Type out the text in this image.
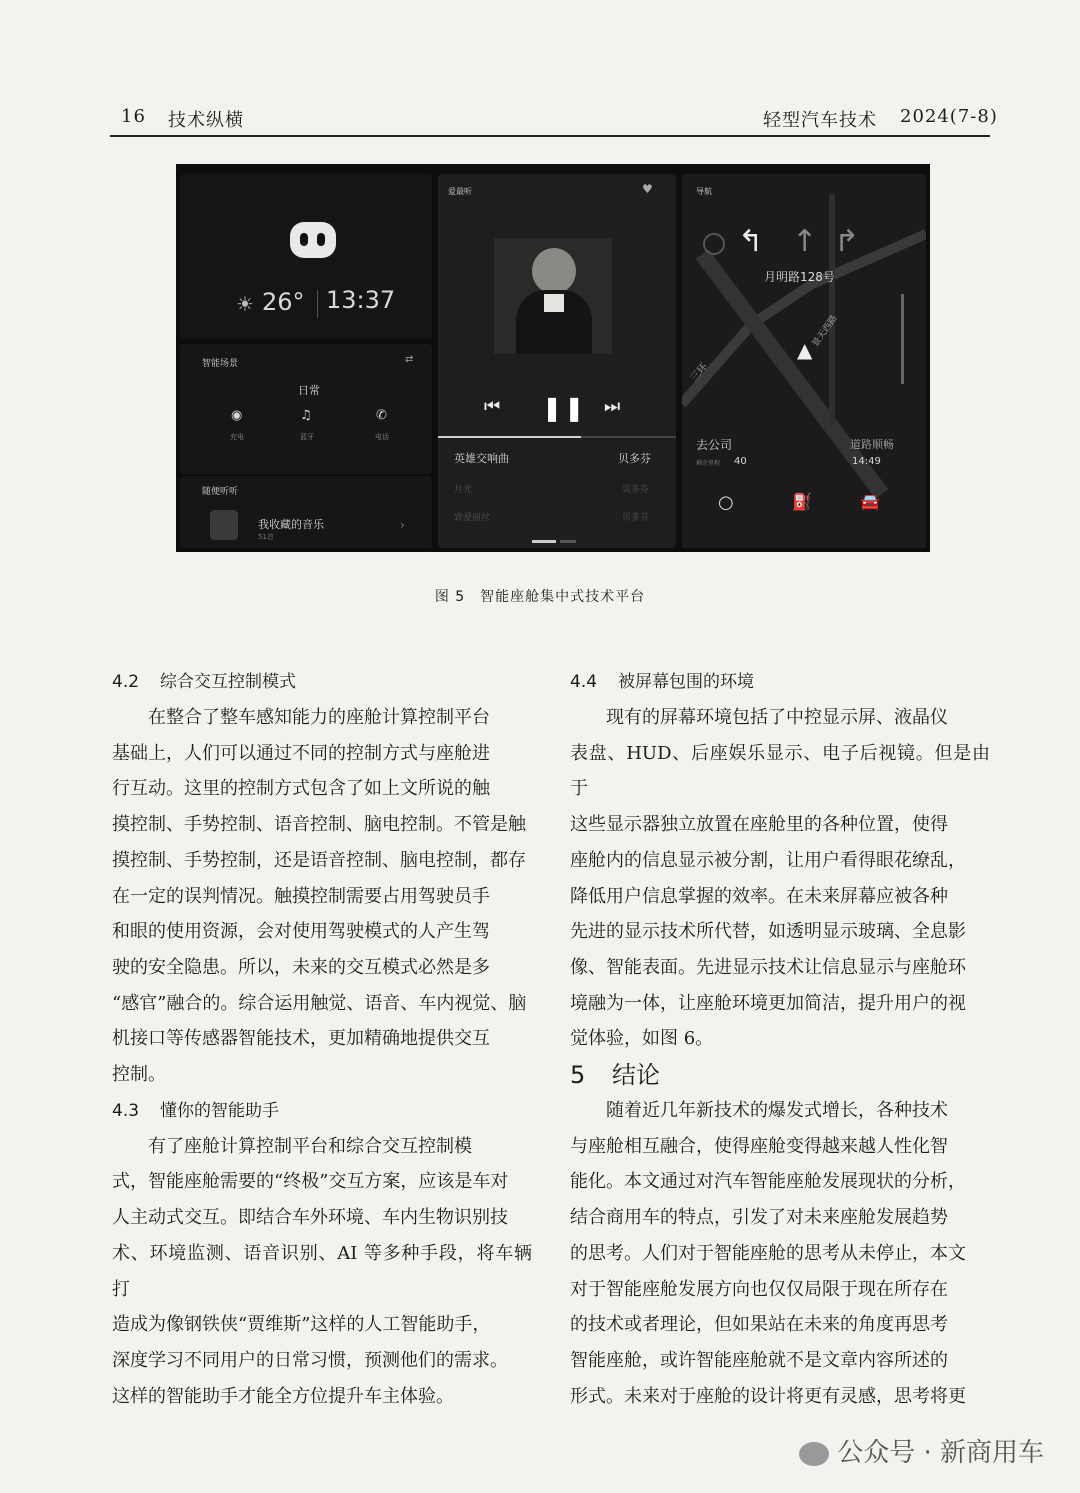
16 技术纵横	轻型汽车技术 2024(7-8)
☀ 26° 13:37
智能场景	⇄
日常
◉	♫	✆
充电	蓝牙	电话
随便听听
我收藏的音乐
51首
›
爱最听	♥
⏮ ❚❚ ⏭
英雄交响曲	贝多芬
月光	贝多芬
致爱丽丝	贝多芬
导航
↰ ↑ ↱
月明路128号
景天西路
三环
▲
去公司
剩余里程 40
道路顺畅
14:49
○	⛽	🚘
图 5　智能座舱集中式技术平台
4.2 综合交互控制模式

在整合了整车感知能力的座舱计算控制平台

基础上，人们可以通过不同的控制方式与座舱进
行互动。这里的控制方式包含了如上文所说的触
摸控制、手势控制、语音控制、脑电控制。不管是触
摸控制、手势控制，还是语音控制、脑电控制，都存
在一定的误判情况。触摸控制需要占用驾驶员手
和眼的使用资源，会对使用驾驶模式的人产生驾
驶的安全隐患。所以，未来的交互模式必然是多
“感官”融合的。综合运用触觉、语音、车内视觉、脑
机接口等传感器智能技术，更加精确地提供交互
控制。
4.3 懂你的智能助手

有了座舱计算控制平台和综合交互控制模

式，智能座舱需要的“终极”交互方案，应该是车对
人主动式交互。即结合车外环境、车内生物识别技
术、环境监测、语音识别、AI 等多种手段，将车辆打
造成为像钢铁侠“贾维斯”这样的人工智能助手，
深度学习不同用户的日常习惯，预测他们的需求。
这样的智能助手才能全方位提升车主体验。
4.4 被屏幕包围的环境

现有的屏幕环境包括了中控显示屏、液晶仪

表盘、HUD、后座娱乐显示、电子后视镜。但是由于
这些显示器独立放置在座舱里的各种位置，使得
座舱内的信息显示被分割，让用户看得眼花缭乱，
降低用户信息掌握的效率。在未来屏幕应被各种
先进的显示技术所代替，如透明显示玻璃、全息影
像、智能表面。先进显示技术让信息显示与座舱环
境融为一体，让座舱环境更加简洁，提升用户的视
觉体验，如图 6。
5 结论

随着近几年新技术的爆发式增长，各种技术

与座舱相互融合，使得座舱变得越来越人性化智
能化。本文通过对汽车智能座舱发展现状的分析，
结合商用车的特点，引发了对未来座舱发展趋势
的思考。人们对于智能座舱的思考从未停止，本文
对于智能座舱发展方向也仅仅局限于现在所存在
的技术或者理论，但如果站在未来的角度再思考
智能座舱，或许智能座舱就不是文章内容所述的
形式。未来对于座舱的设计将更有灵感，思考将更
公众号 · 新商用车
